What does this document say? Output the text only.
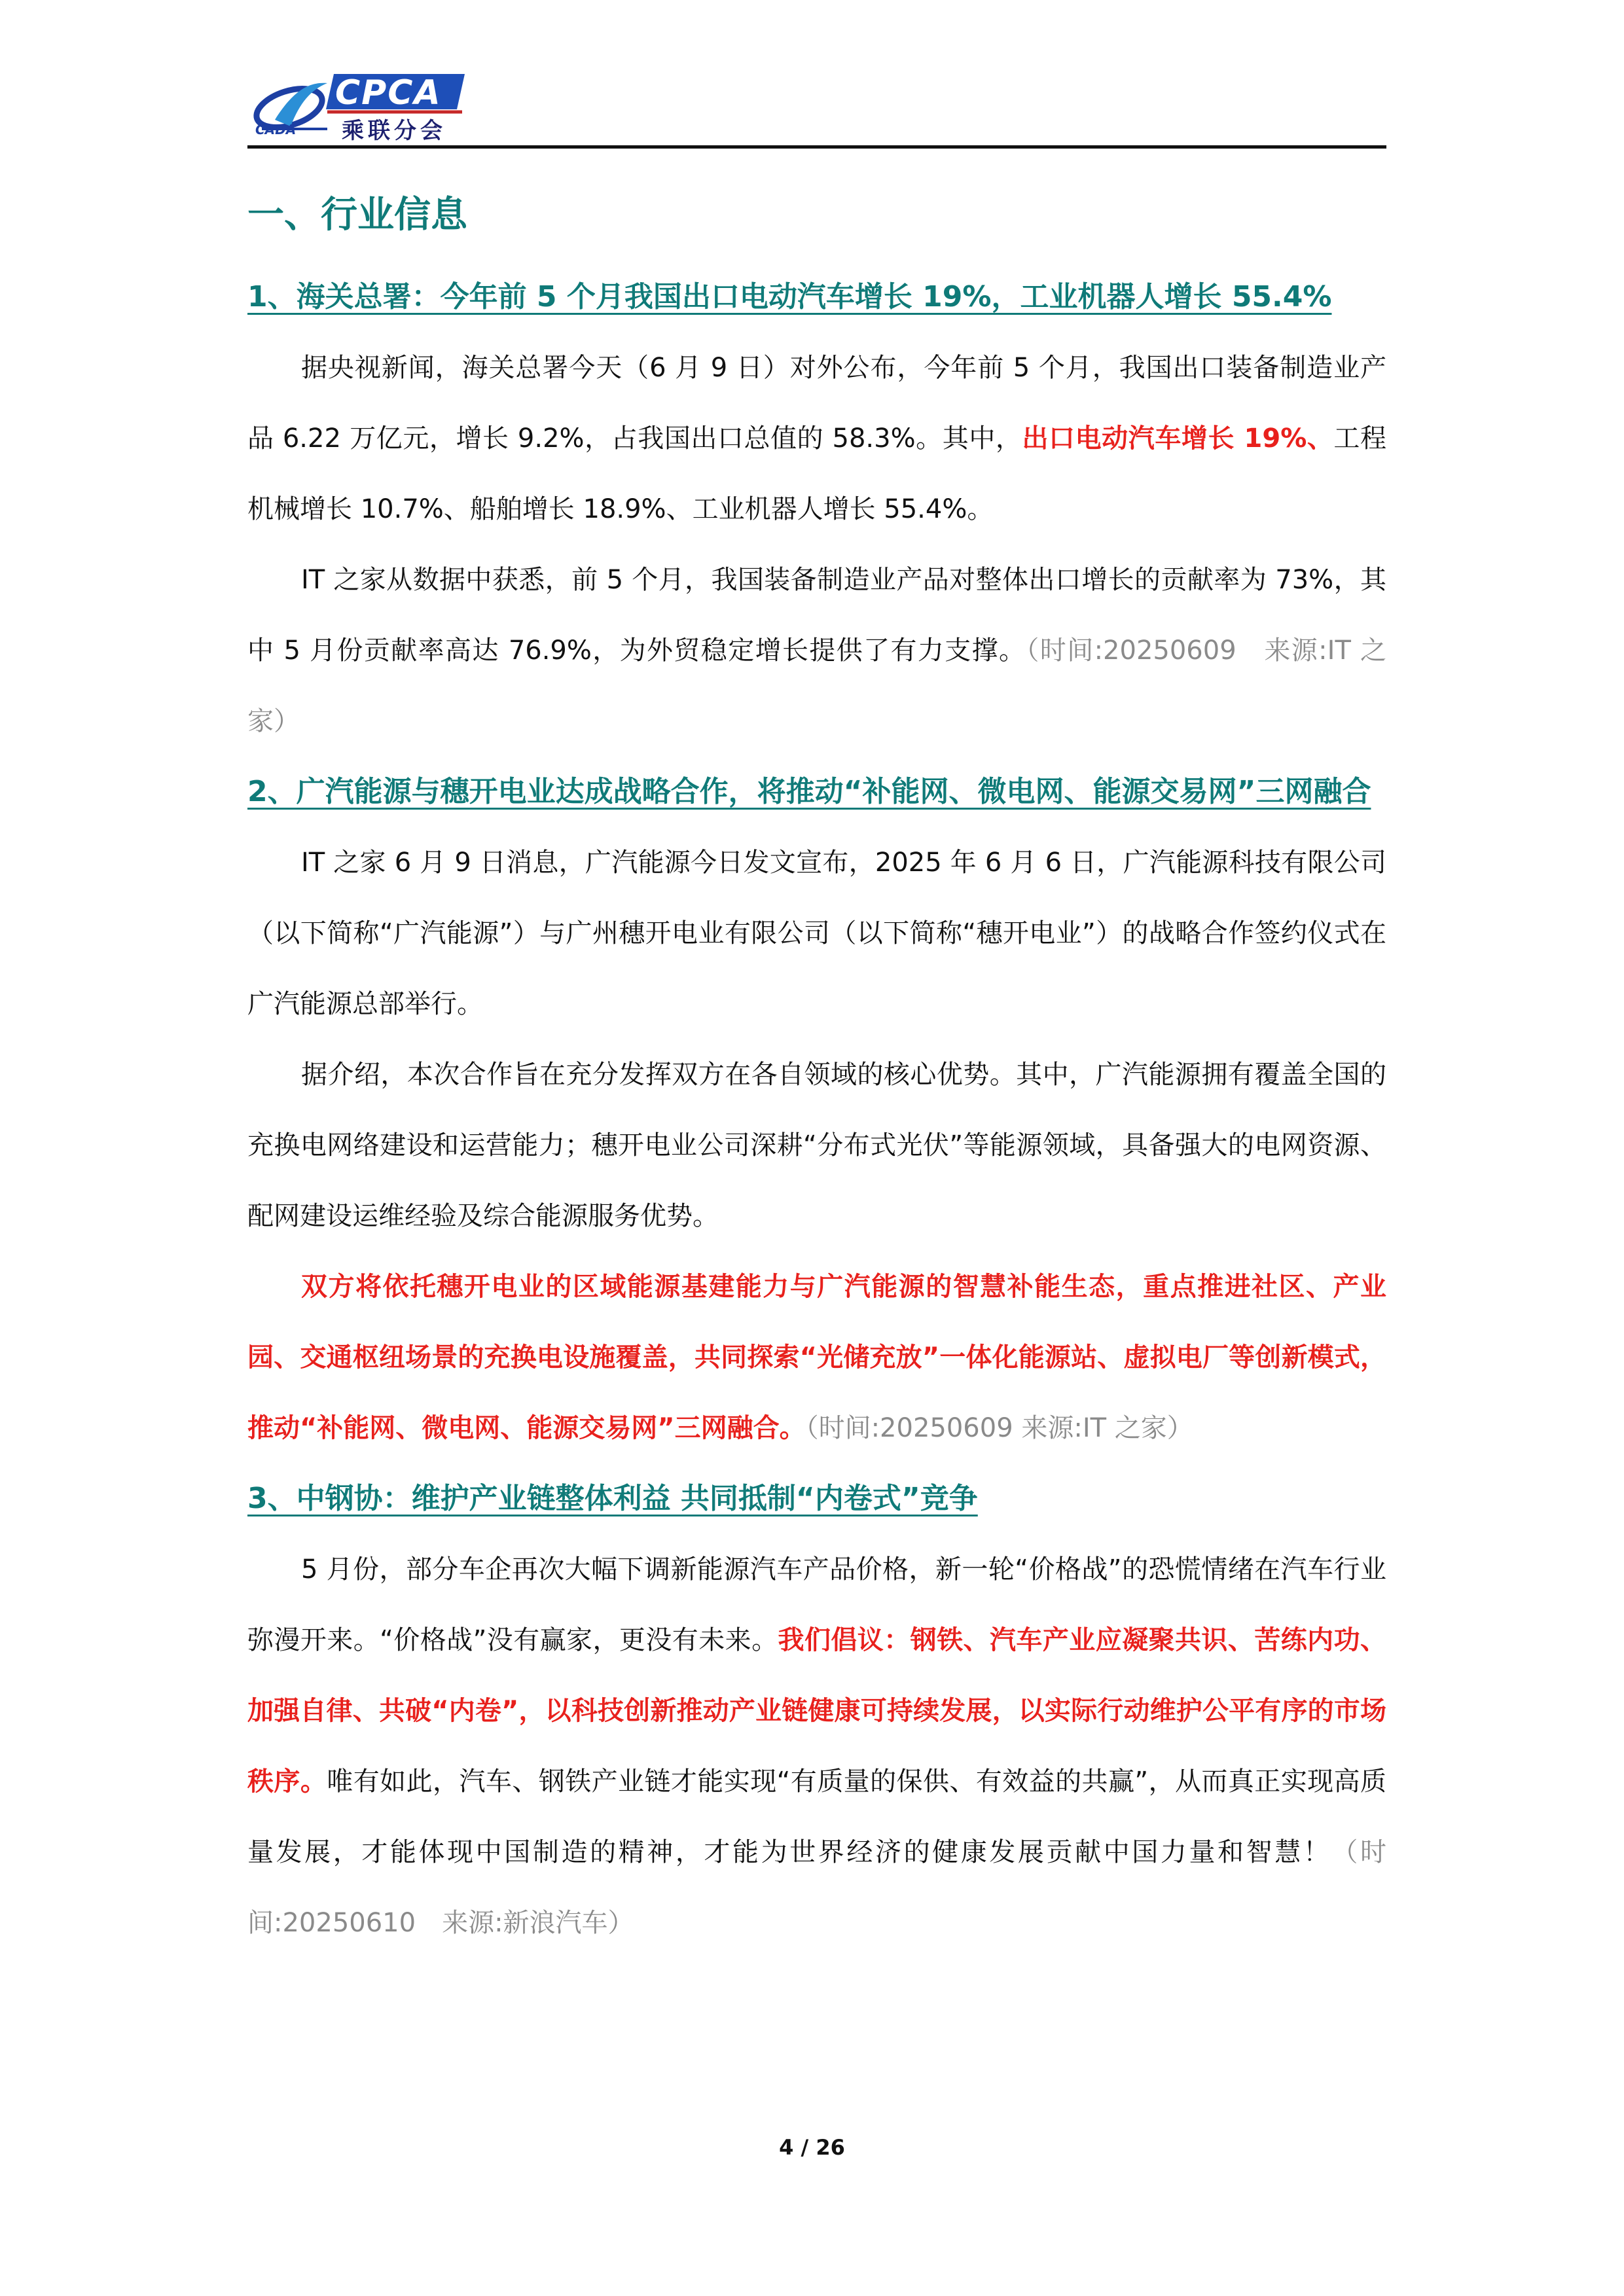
CPCA
乘联分会
CADA
一、行业信息
1、海关总署：今年前 5 个月我国出口电动汽车增长 19%，工业机器人增长 55.4%

据央视新闻，海关总署今天（6 月 9 日）对外公布，今年前 5 个月，我国出口装备制造业产品 6.22 万亿元，增长 9.2%，占我国出口总值的 58.3%。其中，出口电动汽车增长 19%、工程机械增长 10.7%、船舶增长 18.9%、工业机器人增长 55.4%。

IT 之家从数据中获悉，前 5 个月，我国装备制造业产品对整体出口增长的贡献率为 73%，其中 5 月份贡献率高达 76.9%，为外贸稳定增长提供了有力支撑。（时间:20250609　来源:IT 之家）

2、广汽能源与穗开电业达成战略合作，将推动“补能网、微电网、能源交易网”三网融合

IT 之家 6 月 9 日消息，广汽能源今日发文宣布，2025 年 6 月 6 日，广汽能源科技有限公司（以下简称“广汽能源”）与广州穗开电业有限公司（以下简称“穗开电业”）的战略合作签约仪式在广汽能源总部举行。

据介绍，本次合作旨在充分发挥双方在各自领域的核心优势。其中，广汽能源拥有覆盖全国的充换电网络建设和运营能力；穗开电业公司深耕“分布式光伏”等能源领域，具备强大的电网资源、配网建设运维经验及综合能源服务优势。

双方将依托穗开电业的区域能源基建能力与广汽能源的智慧补能生态，重点推进社区、产业园、交通枢纽场景的充换电设施覆盖，共同探索“光储充放”一体化能源站、虚拟电厂等创新模式，推动“补能网、微电网、能源交易网”三网融合。（时间:20250609 来源:IT 之家）

3、中钢协：维护产业链整体利益 共同抵制“内卷式”竞争

5 月份，部分车企再次大幅下调新能源汽车产品价格，新一轮“价格战”的恐慌情绪在汽车行业弥漫开来。“价格战”没有赢家，更没有未来。我们倡议：钢铁、汽车产业应凝聚共识、苦练内功、加强自律、共破“内卷”，以科技创新推动产业链健康可持续发展，以实际行动维护公平有序的市场秩序。唯有如此，汽车、钢铁产业链才能实现“有质量的保供、有效益的共赢”，从而真正实现高质量发展，才能体现中国制造的精神，才能为世界经济的健康发展贡献中国力量和智慧！（时间:20250610　来源:新浪汽车）

4 / 26
